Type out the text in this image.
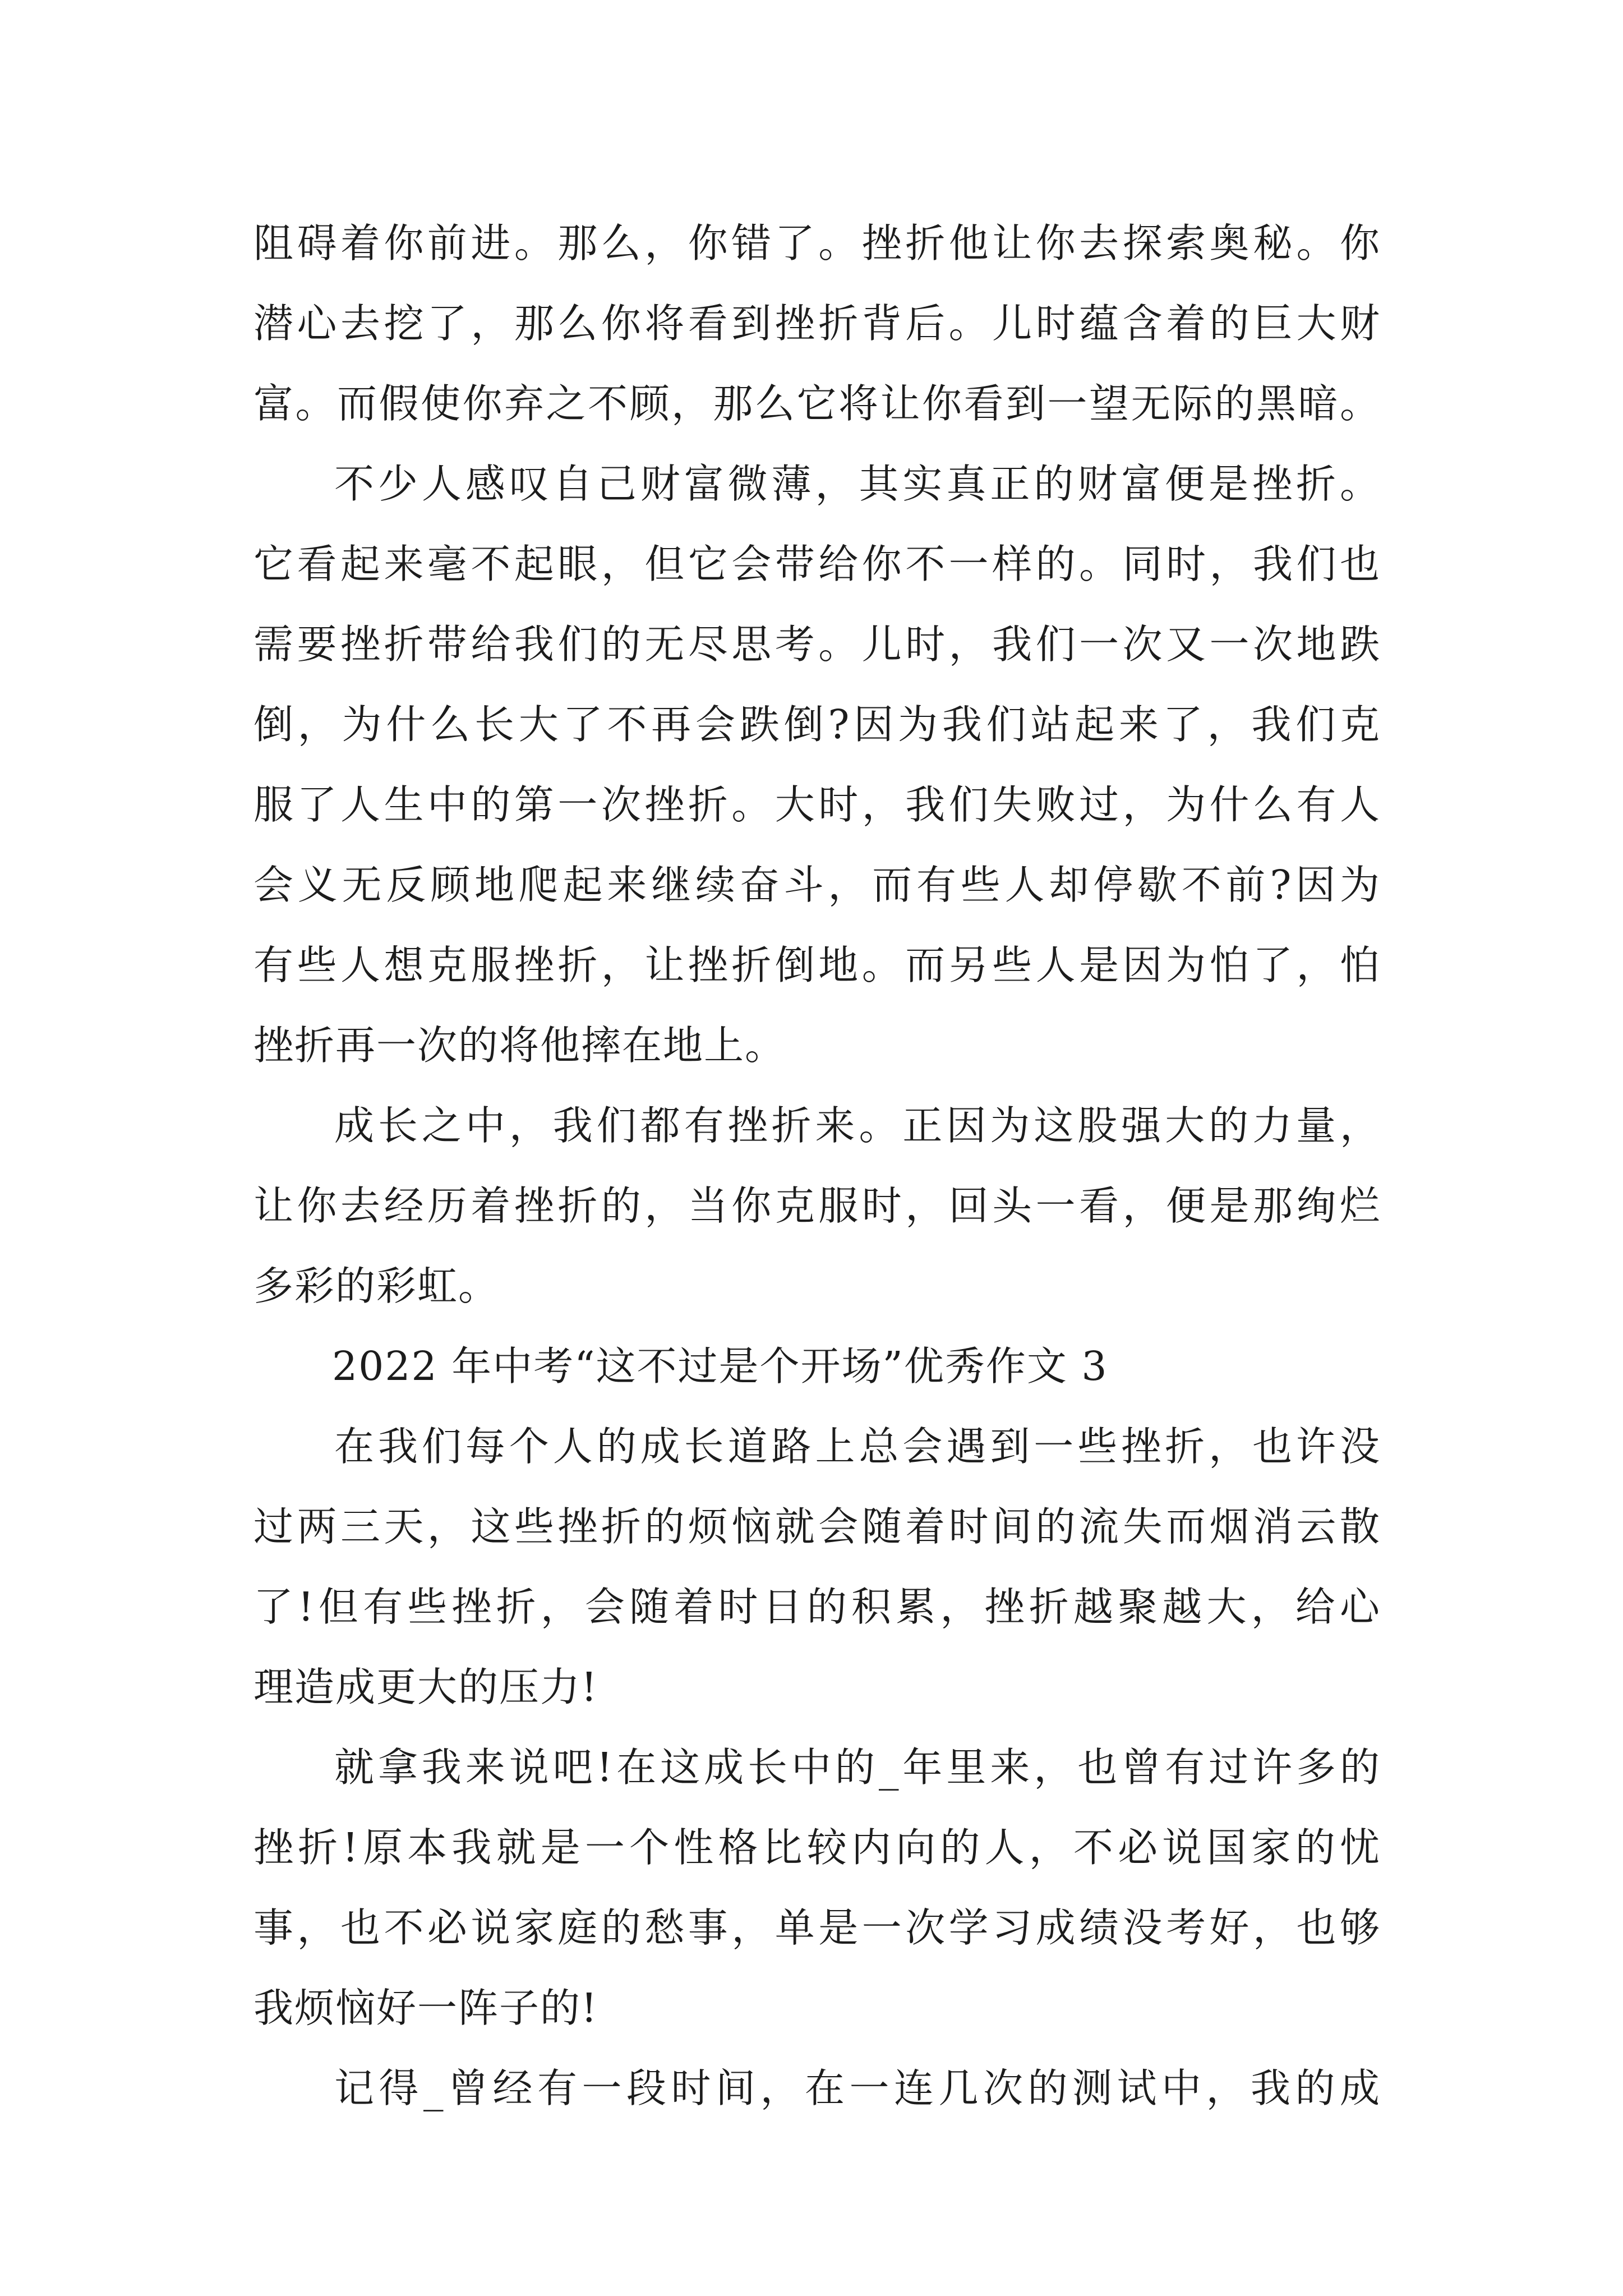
阻碍着你前进。那么，你错了。挫折他让你去探索奥秘。你
潜心去挖了，那么你将看到挫折背后。儿时蕴含着的巨大财
富。而假使你弃之不顾，那么它将让你看到一望无际的黑暗。
不少人感叹自己财富微薄，其实真正的财富便是挫折。
它看起来毫不起眼，但它会带给你不一样的。同时，我们也
需要挫折带给我们的无尽思考。儿时，我们一次又一次地跌
倒，为什么长大了不再会跌倒?因为我们站起来了，我们克
服了人生中的第一次挫折。大时，我们失败过，为什么有人
会义无反顾地爬起来继续奋斗，而有些人却停歇不前?因为
有些人想克服挫折，让挫折倒地。而另些人是因为怕了，怕
挫折再一次的将他摔在地上。
成长之中，我们都有挫折来。正因为这股强大的力量，
让你去经历着挫折的，当你克服时，回头一看，便是那绚烂
多彩的彩虹。
2022 年中考“这不过是个开场”优秀作文 3
在我们每个人的成长道路上总会遇到一些挫折，也许没
过两三天，这些挫折的烦恼就会随着时间的流失而烟消云散
了!但有些挫折，会随着时日的积累，挫折越聚越大，给心
理造成更大的压力!
就拿我来说吧!在这成长中的_年里来，也曾有过许多的
挫折!原本我就是一个性格比较内向的人，不必说国家的忧
事，也不必说家庭的愁事，单是一次学习成绩没考好，也够
我烦恼好一阵子的!
记得_曾经有一段时间，在一连几次的测试中，我的成
